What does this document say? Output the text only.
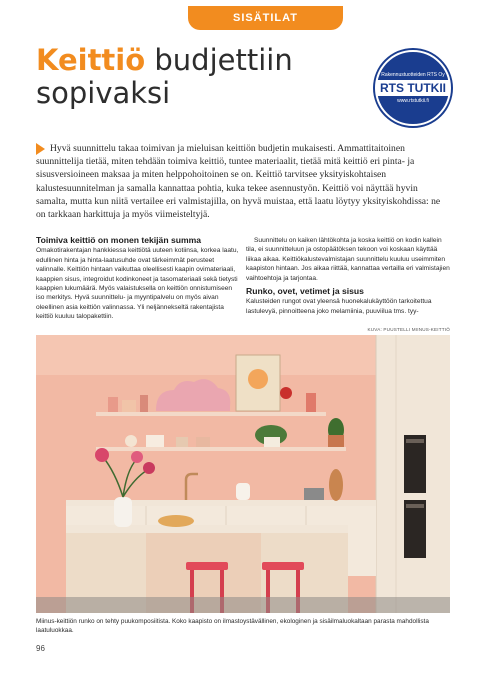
SISÄTILAT
Keittiö budjettiin sopivaksi
Rakennustuotteiden RTS Oy
RTS TUTKII
www.rtstutkii.fi

Hyvä suunnittelu takaa toimivan ja mieluisan keittiön budjetin mukaisesti. Ammattitaitoinen suunnittelija tietää, miten tehdään toimiva keittiö, tuntee materiaalit, tietää mitä keittiö eri pinta- ja sisusversioineen maksaa ja miten helppohoitoinen se on. Keittiö tarvitsee yksityiskohtaisen kalustesuunnitelman ja samalla kannattaa pohtia, kuka tekee asennustyön. Keittiö voi näyttää hyvin samalta, mutta kun niitä vertailee eri valmistajilla, on hyvä muistaa, että laatu löytyy yksityiskohdissa: ne on tarkkaan harkittuja ja myös viimeisteltyjä.

Toimiva keittiö on monen tekijän summa

Omakotirakentajan hankkiessa keittiötä uuteen kotiinsa, korkea laatu, edullinen hinta ja hinta-laatusuhde ovat tärkeimmät perusteet valinnalle. Keittiön hintaan vaikuttaa oleellisesti kaapin ovimateriaali, kaappien sisus, integroidut kodinkoneet ja tasomateriaali sekä tietysti kaappien lukumäärä. Myös valaistuksella on keittiön onnistumiseen iso merkitys. Hyvä suunnittelu- ja myyntipalvelu on myös aivan oleellinen asia keittiön valinnassa. Yli neljännekseltä rakentajista keittiö kuuluu talopakettiin.

Suunnittelu on kaiken lähtökohta ja koska keittiö on kodin kallein tila, ei suunnitteluun ja ostopäätöksen tekoon voi koskaan käyttää liikaa aikaa. Keittiökalustevalmistajan suunnittelu kuuluu useimmiten kaapiston hintaan. Jos aikaa riittää, kannattaa vertailla eri valmistajien vaihtoehtoja ja tarjontaa.

Runko, ovet, vetimet ja sisus

Kalusteiden rungot ovat yleensä huonekalukäyttöön tarkoitettua lastulevyä, pinnoitteena joko melamiinia, puuviilua tms. tyy-

KUVA: PUUSTELLI MIINUS-KEITTIÖ
Miinus-keittiön runko on tehty puukomposiitista. Koko kaapisto on ilmastoystävällinen, ekologinen ja sisäilmaluokaltaan parasta mahdollista laatuluokkaa.
96
